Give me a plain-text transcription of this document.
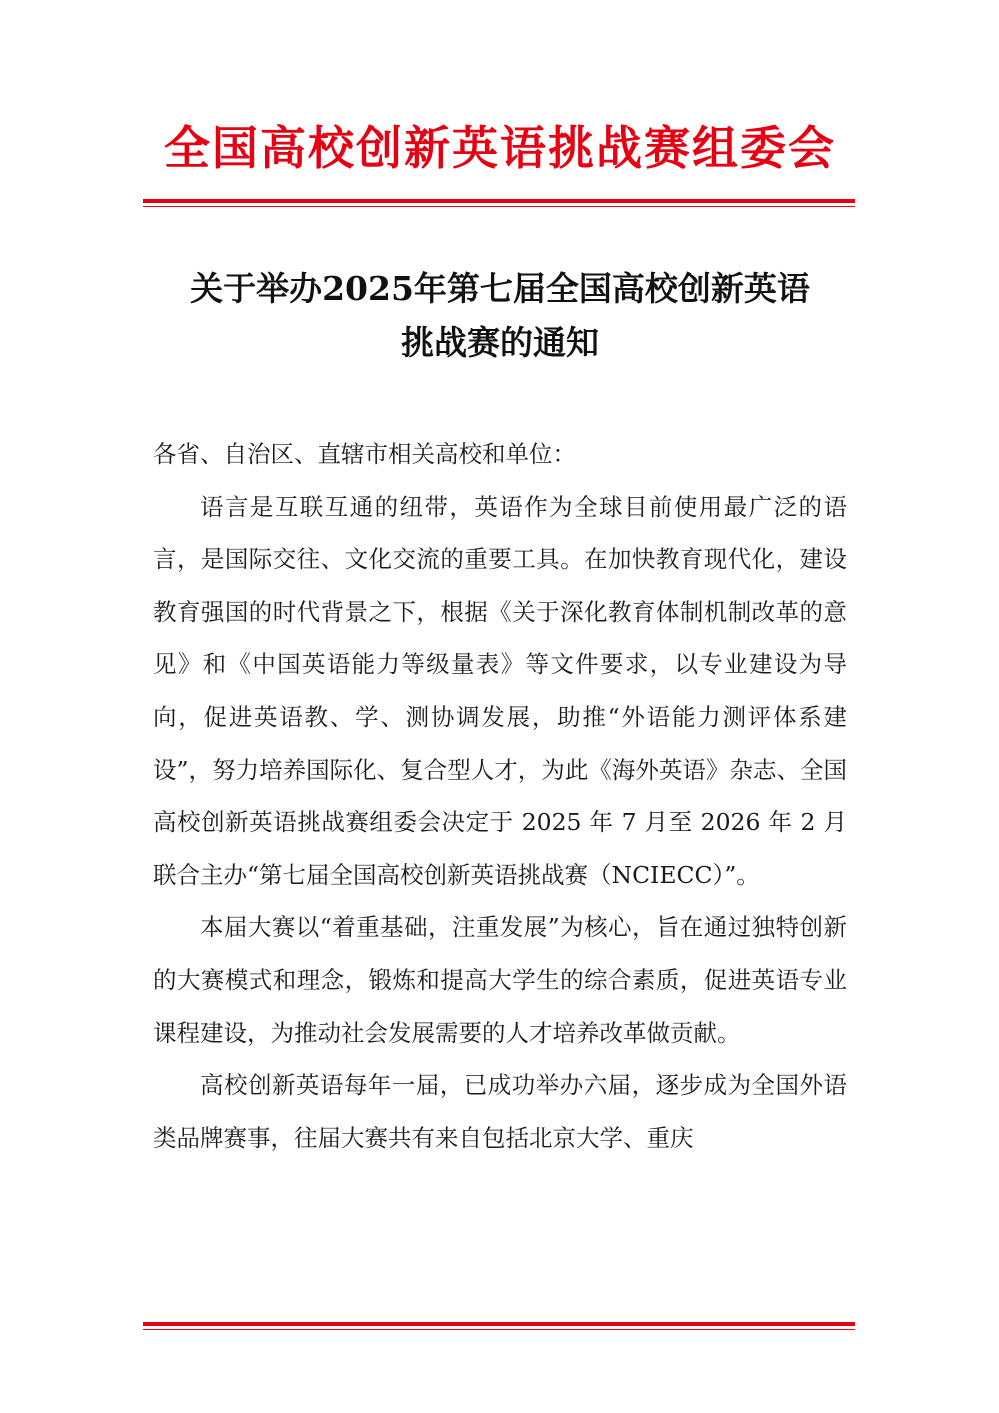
全国高校创新英语挑战赛组委会
关于举办2025年第七届全国高校创新英语
挑战赛的通知

各省、自治区、直辖市相关高校和单位：

语言是互联互通的纽带，英语作为全球目前使用最广泛的语言，是国际交往、文化交流的重要工具。在加快教育现代化，建设教育强国的时代背景之下，根据《关于深化教育体制机制改革的意见》和《中国英语能力等级量表》等文件要求，以专业建设为导向，促进英语教、学、测协调发展，助推“外语能力测评体系建设”，努力培养国际化、复合型人才，为此《海外英语》杂志、全国高校创新英语挑战赛组委会决定于 2025 年 7 月至 2026 年 2 月联合主办“第七届全国高校创新英语挑战赛（NCIECC）”。

本届大赛以“着重基础，注重发展”为核心，旨在通过独特创新的大赛模式和理念，锻炼和提高大学生的综合素质，促进英语专业课程建设，为推动社会发展需要的人才培养改革做贡献。

高校创新英语每年一届，已成功举办六届，逐步成为全国外语类品牌赛事，往届大赛共有来自包括北京大学、重庆
